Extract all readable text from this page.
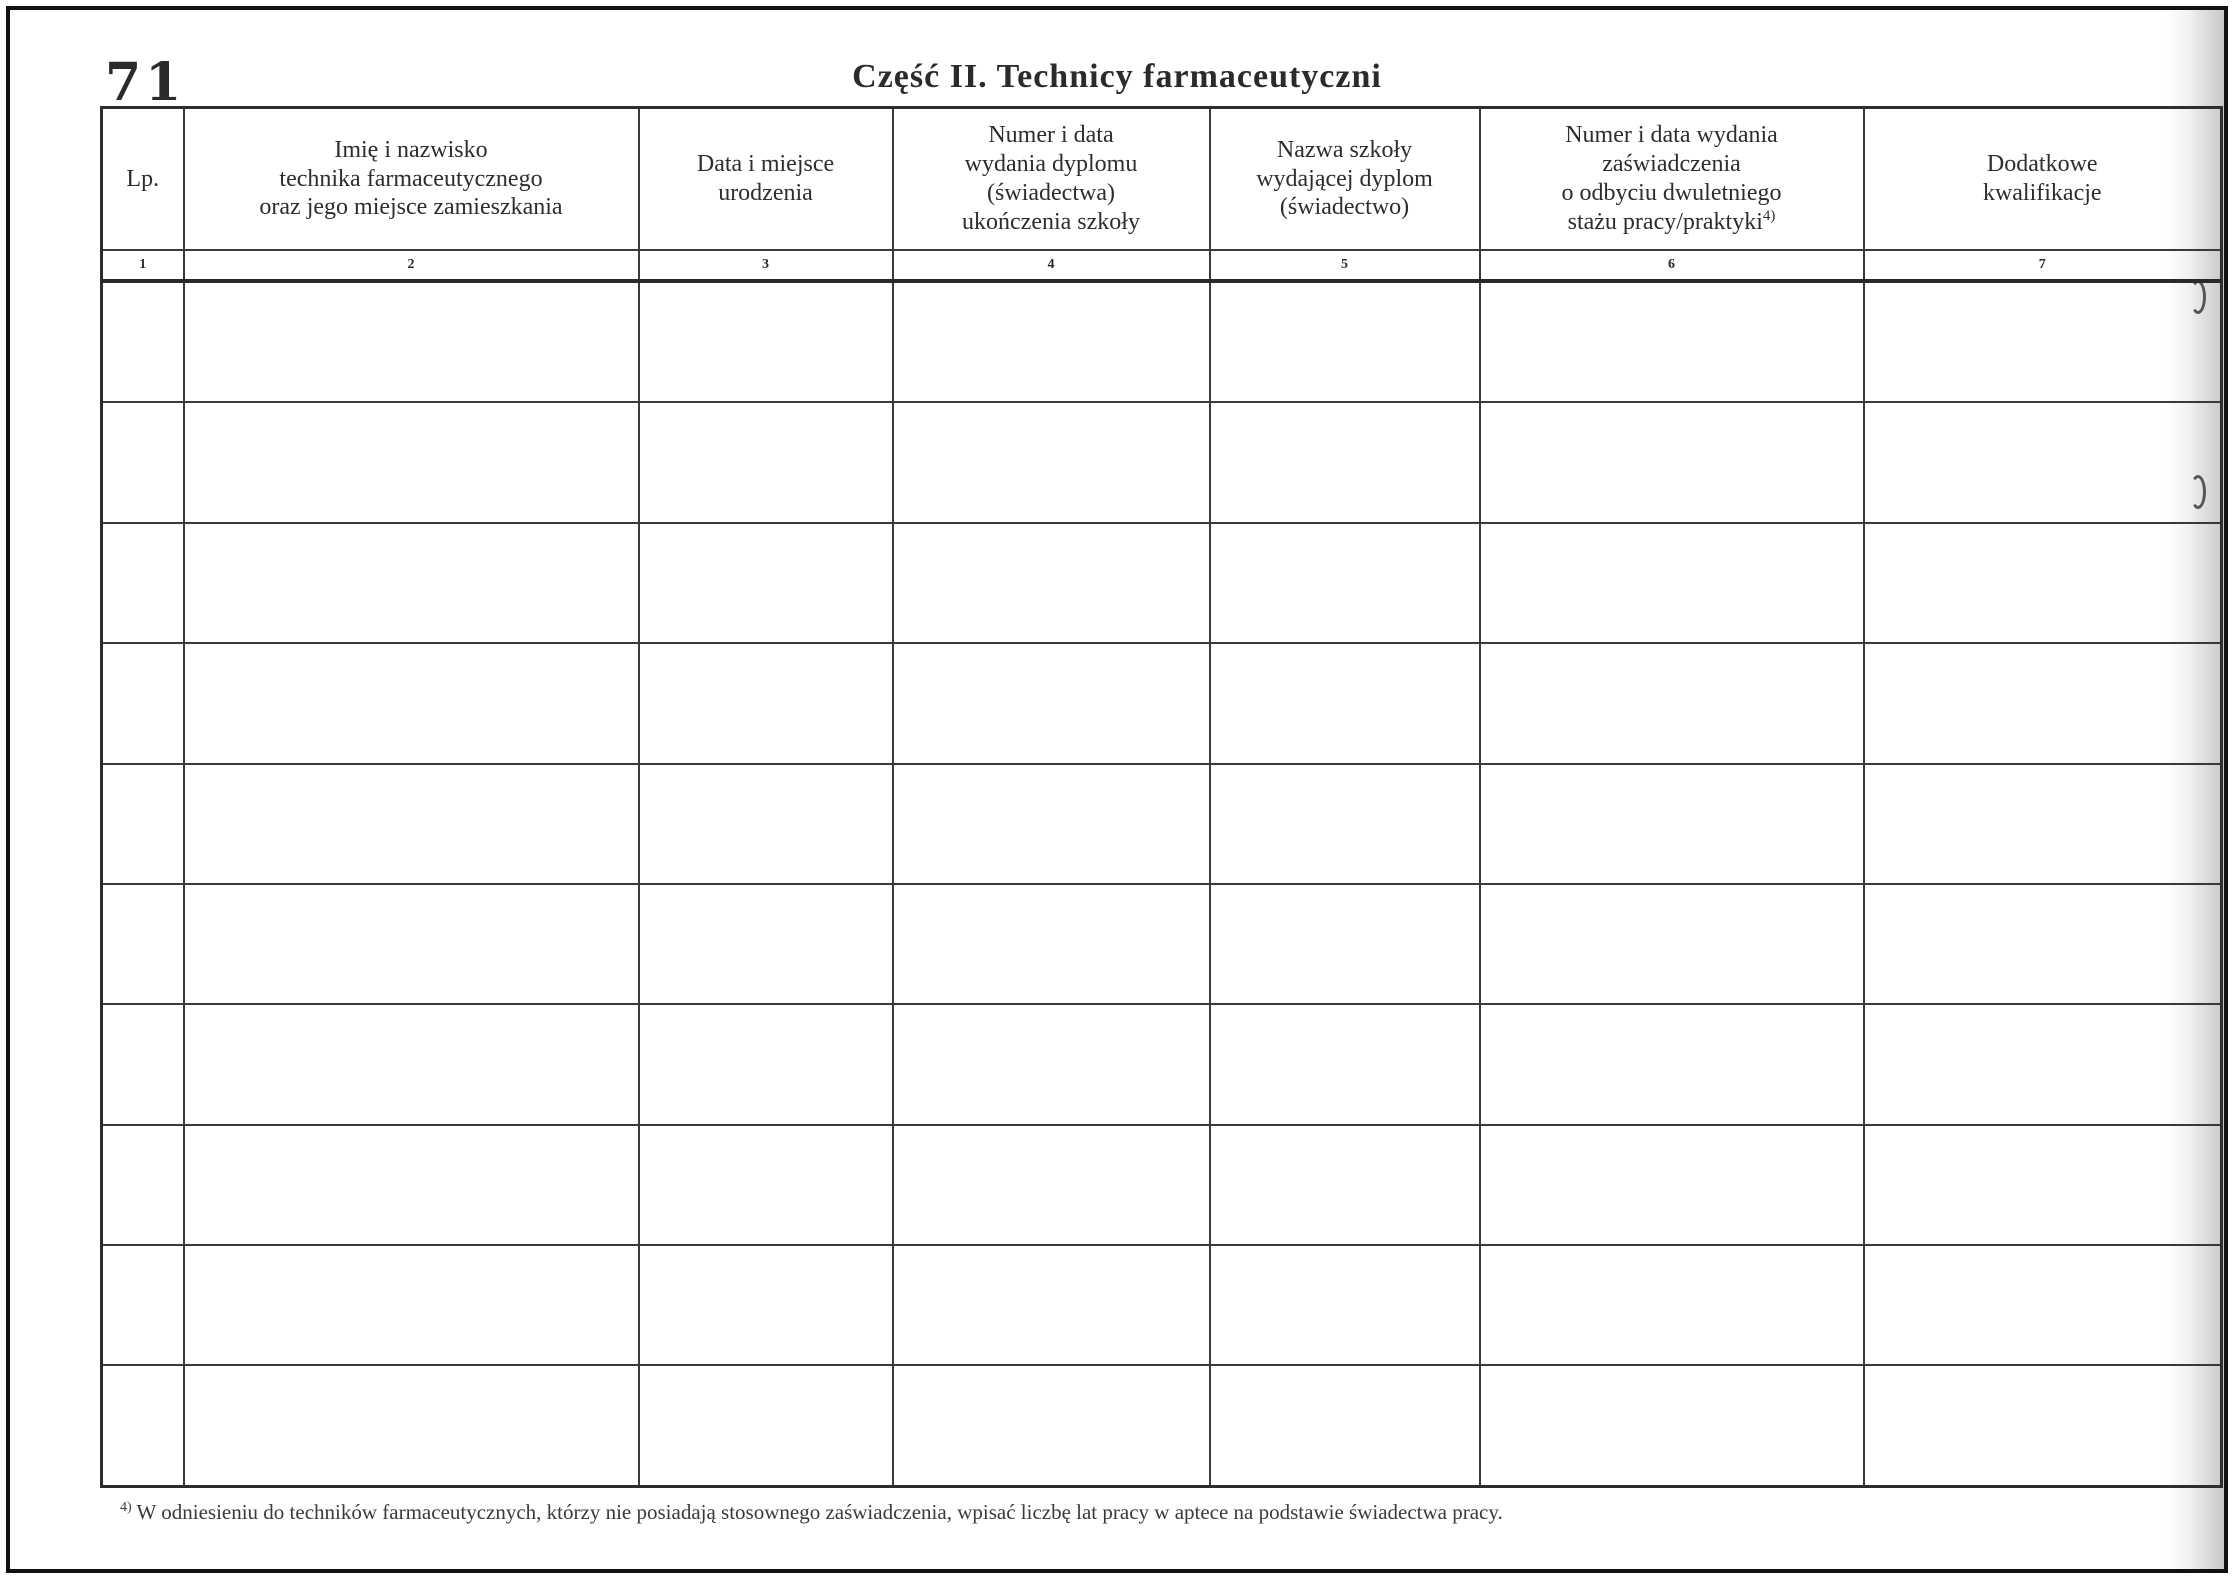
71	Część II. Technicy farmaceutyczni
Lp.	Imię i nazwisko
technika farmaceutycznego
oraz jego miejsce zamieszkania	Data i miejsce
urodzenia	Numer i data
wydania dyplomu
(świadectwa)
ukończenia szkoły	Nazwa szkoły
wydającej dyplom
(świadectwo)	Numer i data wydania
zaświadczenia
o odbyciu dwuletniego
stażu pracy/praktyki$^{4)}$	Dodatkowe
kwalifikacje

1	2	3	4	5	6	7

$^{4)}$ W odniesieniu do techników farmaceutycznych, którzy nie posiadają stosownego zaświadczenia, wpisać liczbę lat pracy w aptece na podstawie świadectwa pracy.
